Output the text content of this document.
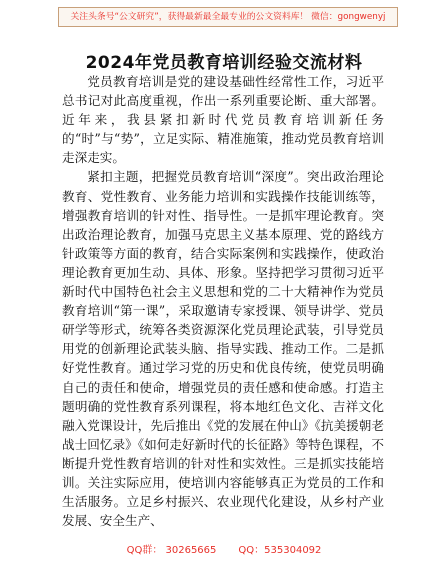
关注头条号“公文研究”，获得最新最全最专业的公文资料库！ 微信：gongwenyj
2024年党员教育培训经验交流材料

党员教育培训是党的建设基础性经常性工作，习近平总书记对此高度重视，作出一系列重要论断、重大部署。近年来，我县紧扣新时代党员教育培训新任务的“时”与“势”，立足实际、精准施策，推动党员教育培训走深走实。

紧扣主题，把握党员教育培训“深度”。突出政治理论教育、党性教育、业务能力培训和实践操作技能训练等，增强教育培训的针对性、指导性。一是抓牢理论教育。突出政治理论教育，加强马克思主义基本原理、党的路线方针政策等方面的教育，结合实际案例和实践操作，使政治理论教育更加生动、具体、形象。坚持把学习贯彻习近平新时代中国特色社会主义思想和党的二十大精神作为党员教育培训“第一课”，采取邀请专家授课、领导讲学、党员研学等形式，统筹各类资源深化党员理论武装，引导党员用党的创新理论武装头脑、指导实践、推动工作。二是抓好党性教育。通过学习党的历史和优良传统，使党员明确自己的责任和使命，增强党员的责任感和使命感。打造主题明确的党性教育系列课程，将本地红色文化、吉祥文化融入党课设计，先后推出《党的发展在仲山》《抗美援朝老战士回忆录》《如何走好新时代的长征路》等特色课程，不断提升党性教育培训的针对性和实效性。三是抓实技能培训。关注实际应用，使培训内容能够真正为党员的工作和生活服务。立足乡村振兴、农业现代化建设，从乡村产业发展、安全生产、

QQ群： 30265665 QQ：535304092
